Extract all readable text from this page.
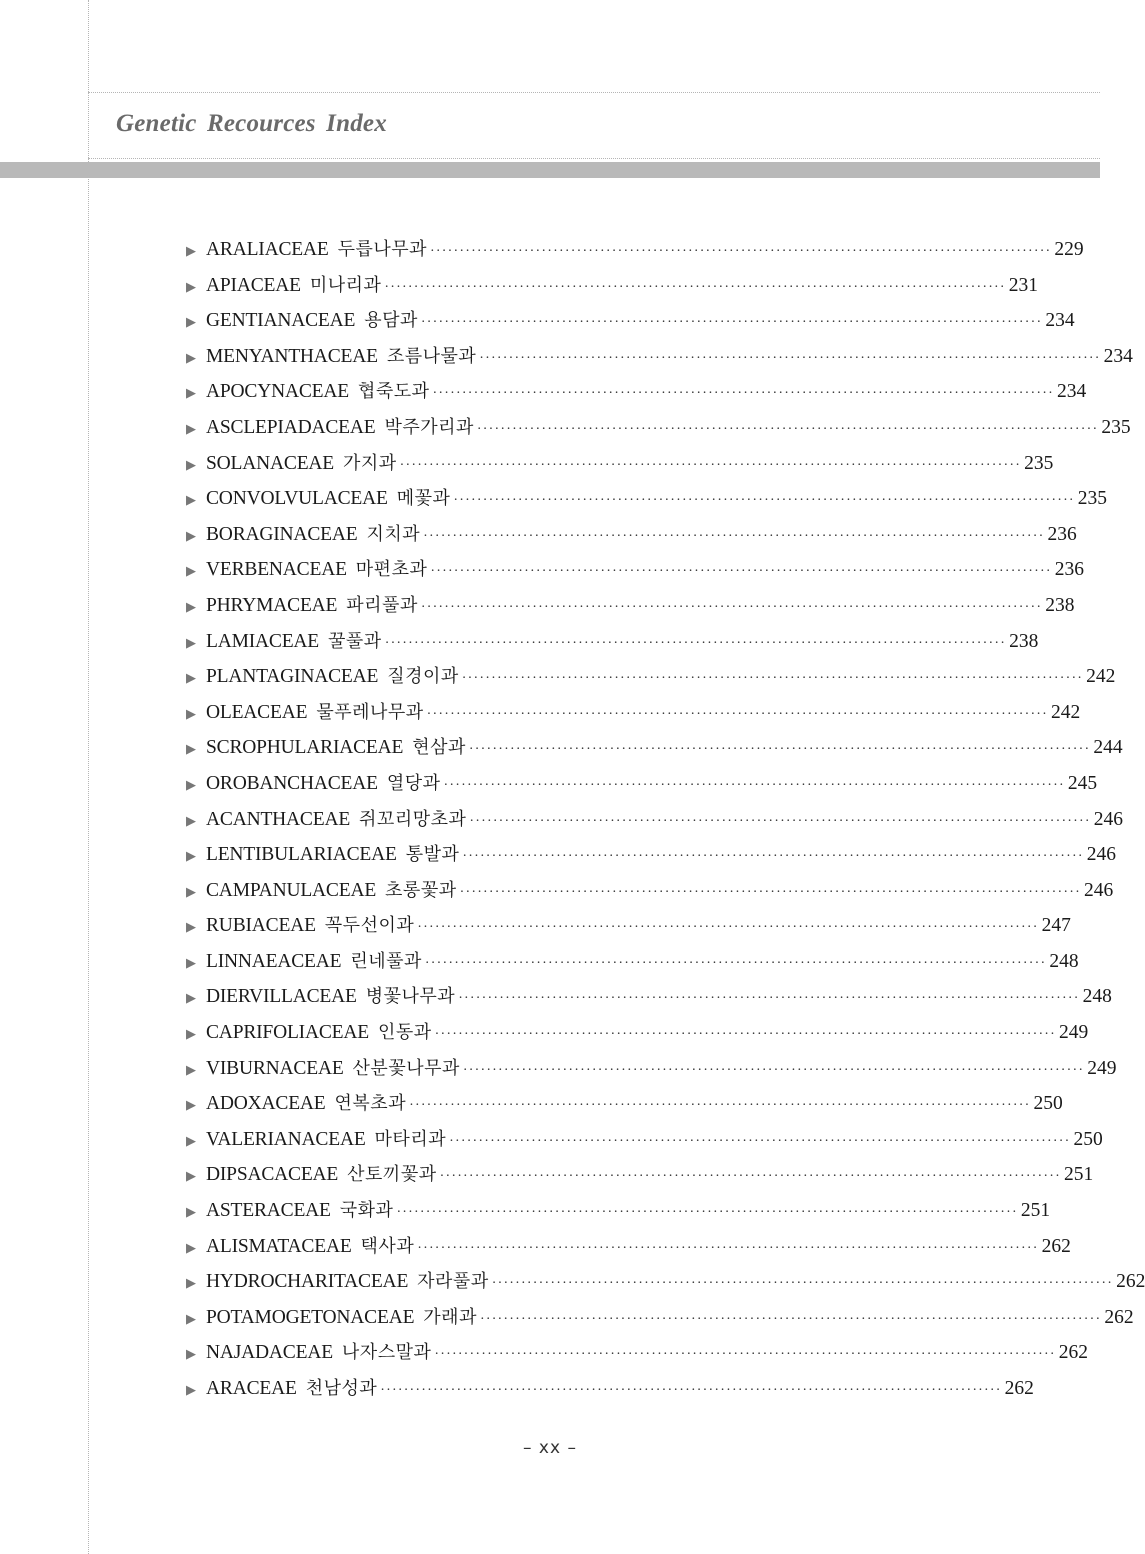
Genetic Recources Index
▶ ARALIACEAE 두릅나무과 ·········································································································· 229
▶ APIACEAE 미나리과 ·········································································································· 231
▶ GENTIANACEAE 용담과 ·········································································································· 234
▶ MENYANTHACEAE 조름나물과 ·········································································································· 234
▶ APOCYNACEAE 협죽도과 ·········································································································· 234
▶ ASCLEPIADACEAE 박주가리과 ·········································································································· 235
▶ SOLANACEAE 가지과 ·········································································································· 235
▶ CONVOLVULACEAE 메꽃과 ·········································································································· 235
▶ BORAGINACEAE 지치과 ·········································································································· 236
▶ VERBENACEAE 마편초과 ·········································································································· 236
▶ PHRYMACEAE 파리풀과 ·········································································································· 238
▶ LAMIACEAE 꿀풀과 ·········································································································· 238
▶ PLANTAGINACEAE 질경이과 ·········································································································· 242
▶ OLEACEAE 물푸레나무과 ·········································································································· 242
▶ SCROPHULARIACEAE 현삼과 ·········································································································· 244
▶ OROBANCHACEAE 열당과 ·········································································································· 245
▶ ACANTHACEAE 쥐꼬리망초과 ·········································································································· 246
▶ LENTIBULARIACEAE 통발과 ·········································································································· 246
▶ CAMPANULACEAE 초롱꽃과 ·········································································································· 246
▶ RUBIACEAE 꼭두선이과 ·········································································································· 247
▶ LINNAEACEAE 린네풀과 ·········································································································· 248
▶ DIERVILLACEAE 병꽃나무과 ·········································································································· 248
▶ CAPRIFOLIACEAE 인동과 ·········································································································· 249
▶ VIBURNACEAE 산분꽃나무과 ·········································································································· 249
▶ ADOXACEAE 연복초과 ·········································································································· 250
▶ VALERIANACEAE 마타리과 ·········································································································· 250
▶ DIPSACACEAE 산토끼꽃과 ·········································································································· 251
▶ ASTERACEAE 국화과 ·········································································································· 251
▶ ALISMATACEAE 택사과 ·········································································································· 262
▶ HYDROCHARITACEAE 자라풀과 ·········································································································· 262
▶ POTAMOGETONACEAE 가래과 ·········································································································· 262
▶ NAJADACEAE 나자스말과 ·········································································································· 262
▶ ARACEAE 천남성과 ·········································································································· 262
– xx –
